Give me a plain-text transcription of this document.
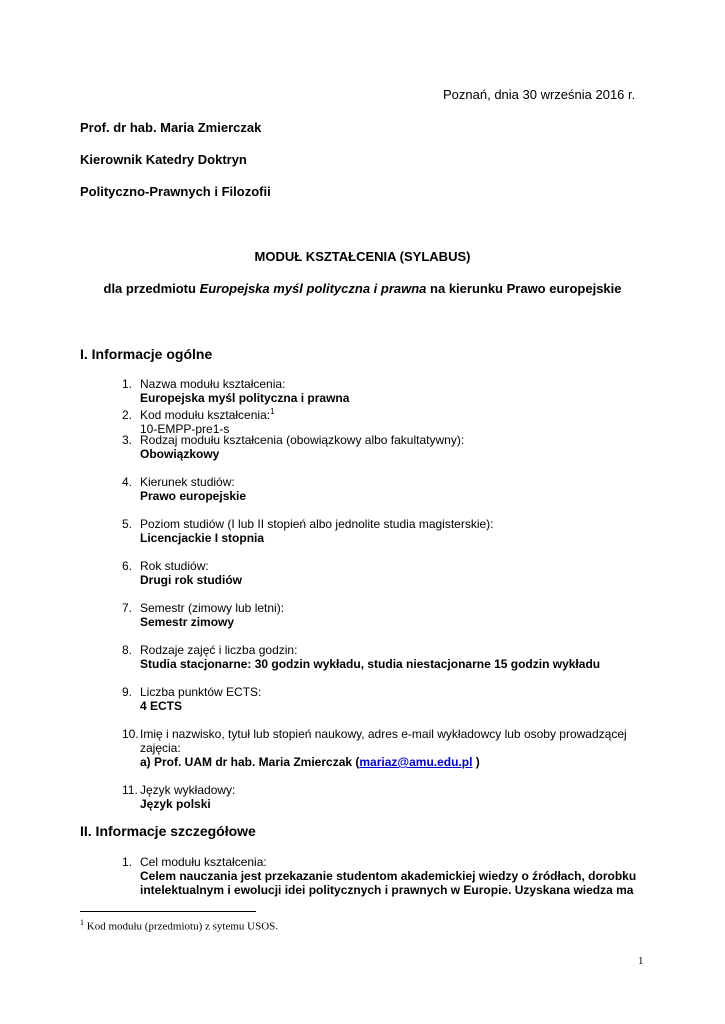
Poznań, dnia 30 września 2016 r.
Prof. dr hab. Maria Zmierczak
Kierownik Katedry Doktryn
Polityczno-Prawnych i Filozofii
MODUŁ KSZTAŁCENIA (SYLABUS)
dla przedmiotu Europejska myśl polityczna i prawna na kierunku Prawo europejskie
I. Informacje ogólne
1. Nazwa modułu kształcenia:
Europejska myśl polityczna i prawna
2. Kod modułu kształcenia:$^1$
10-EMPP-pre1-s
3. Rodzaj modułu kształcenia (obowiązkowy albo fakultatywny):
Obowiązkowy
4. Kierunek studiów:
Prawo europejskie
5. Poziom studiów (I lub II stopień albo jednolite studia magisterskie):
Licencjackie I stopnia
6. Rok studiów:
Drugi rok studiów
7. Semestr (zimowy lub letni):
Semestr zimowy
8. Rodzaje zajęć i liczba godzin:
Studia stacjonarne: 30 godzin wykładu, studia niestacjonarne 15 godzin wykładu
9. Liczba punktów ECTS:
4 ECTS
10.Imię i nazwisko, tytuł lub stopień naukowy, adres e-mail wykładowcy lub osoby prowadzącej
zajęcia:
a) Prof. UAM dr hab. Maria Zmierczak (mariaz@amu.edu.pl )
11. Język wykładowy:
Język polski
II. Informacje szczegółowe
1. Cel modułu kształcenia:
Celem nauczania jest przekazanie studentom akademickiej wiedzy o źródłach, dorobku
intelektualnym i ewolucji idei politycznych i prawnych w Europie. Uzyskana wiedza ma
$^1$ Kod modułu (przedmiotu) z sytemu USOS.
1
